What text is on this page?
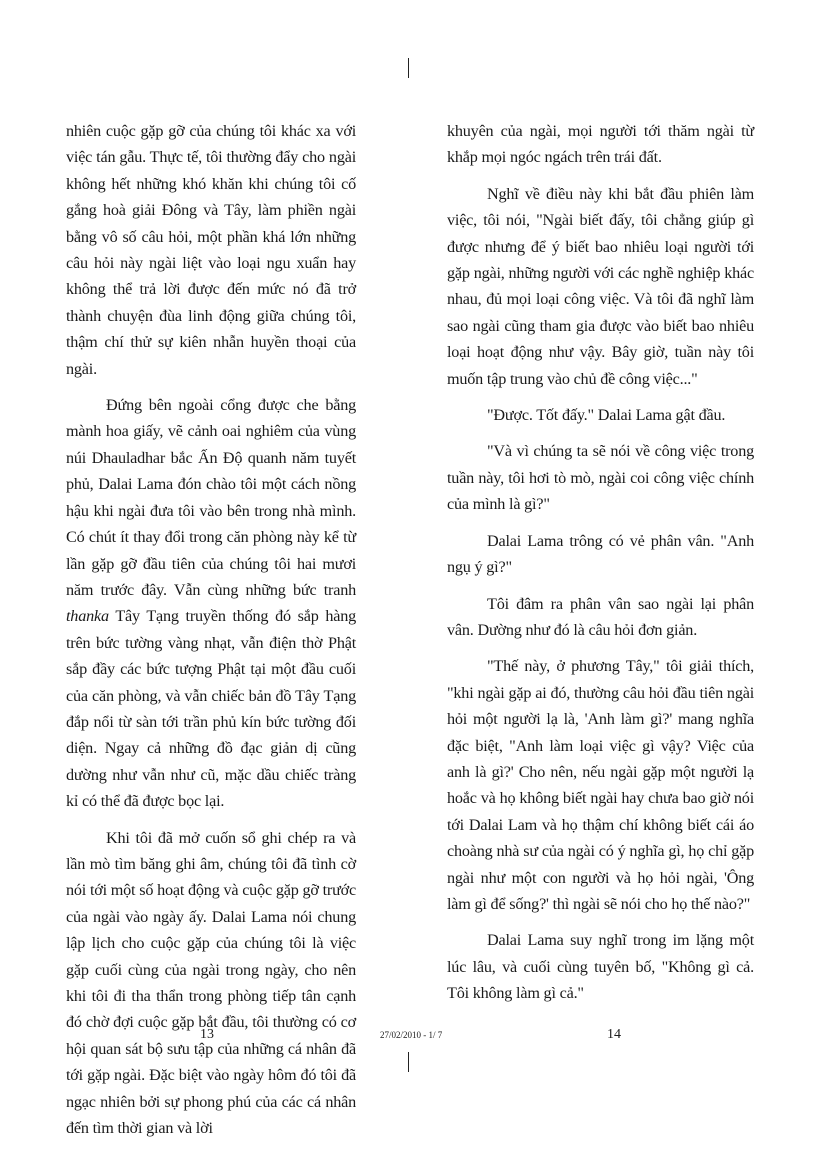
nhiên cuộc gặp gỡ của chúng tôi khác xa với việc tán gẫu. Thực tế, tôi thường đẩy cho ngài không hết những khó khăn khi chúng tôi cố gắng hoà giải Đông và Tây, làm phiền ngài bằng vô số câu hỏi, một phần khá lớn những câu hỏi này ngài liệt vào loại ngu xuẩn hay không thể trả lời được đến mức nó đã trở thành chuyện đùa linh động giữa chúng tôi, thậm chí thử sự kiên nhẫn huyền thoại của ngài.

Đứng bên ngoài cổng được che bằng mành hoa giấy, vẽ cảnh oai nghiêm của vùng núi Dhauladhar bắc Ấn Độ quanh năm tuyết phủ, Dalai Lama đón chào tôi một cách nồng hậu khi ngài đưa tôi vào bên trong nhà mình. Có chút ít thay đổi trong căn phòng này kể từ lần gặp gỡ đầu tiên của chúng tôi hai mươi năm trước đây. Vẫn cùng những bức tranh thanka Tây Tạng truyền thống đó sắp hàng trên bức tường vàng nhạt, vẫn điện thờ Phật sắp đầy các bức tượng Phật tại một đầu cuối của căn phòng, và vẫn chiếc bản đồ Tây Tạng đắp nổi từ sàn tới trần phủ kín bức tường đối diện. Ngay cả những đồ đạc giản dị cũng dường như vẫn như cũ, mặc dầu chiếc tràng kỉ có thể đã được bọc lại.

Khi tôi đã mở cuốn sổ ghi chép ra và lần mò tìm băng ghi âm, chúng tôi đã tình cờ nói tới một số hoạt động và cuộc gặp gỡ trước của ngài vào ngày ấy. Dalai Lama nói chung lập lịch cho cuộc gặp của chúng tôi là việc gặp cuối cùng của ngài trong ngày, cho nên khi tôi đi tha thẩn trong phòng tiếp tân cạnh đó chờ đợi cuộc gặp bắt đầu, tôi thường có cơ hội quan sát bộ sưu tập của những cá nhân đã tới gặp ngài. Đặc biệt vào ngày hôm đó tôi đã ngạc nhiên bởi sự phong phú của các cá nhân đến tìm thời gian và lời

khuyên của ngài, mọi người tới thăm ngài từ khắp mọi ngóc ngách trên trái đất.

Nghĩ về điều này khi bắt đầu phiên làm việc, tôi nói, "Ngài biết đấy, tôi chẳng giúp gì được nhưng để ý biết bao nhiêu loại người tới gặp ngài, những người với các nghề nghiệp khác nhau, đủ mọi loại công việc. Và tôi đã nghĩ làm sao ngài cũng tham gia được vào biết bao nhiêu loại hoạt động như vậy. Bây giờ, tuần này tôi muốn tập trung vào chủ đề công việc..."

"Được. Tốt đấy." Dalai Lama gật đầu.

"Và vì chúng ta sẽ nói về công việc trong tuần này, tôi hơi tò mò, ngài coi công việc chính của mình là gì?"

Dalai Lama trông có vẻ phân vân. "Anh ngụ ý gì?"

Tôi đâm ra phân vân sao ngài lại phân vân. Dường như đó là câu hỏi đơn giản.

"Thế này, ở phương Tây," tôi giải thích, "khi ngài gặp ai đó, thường câu hỏi đầu tiên ngài hỏi một người lạ là, 'Anh làm gì?' mang nghĩa đặc biệt, "Anh làm loại việc gì vậy? Việc của anh là gì?' Cho nên, nếu ngài gặp một người lạ hoắc và họ không biết ngài hay chưa bao giờ nói tới Dalai Lam và họ thậm chí không biết cái áo choàng nhà sư của ngài có ý nghĩa gì, họ chỉ gặp ngài như một con người và họ hỏi ngài, 'Ông làm gì để sống?' thì ngài sẽ nói cho họ thế nào?"

Dalai Lama suy nghĩ trong im lặng một lúc lâu, và cuối cùng tuyên bố, "Không gì cả. Tôi không làm gì cả."

13	27/02/2010 - 1/ 7	14
